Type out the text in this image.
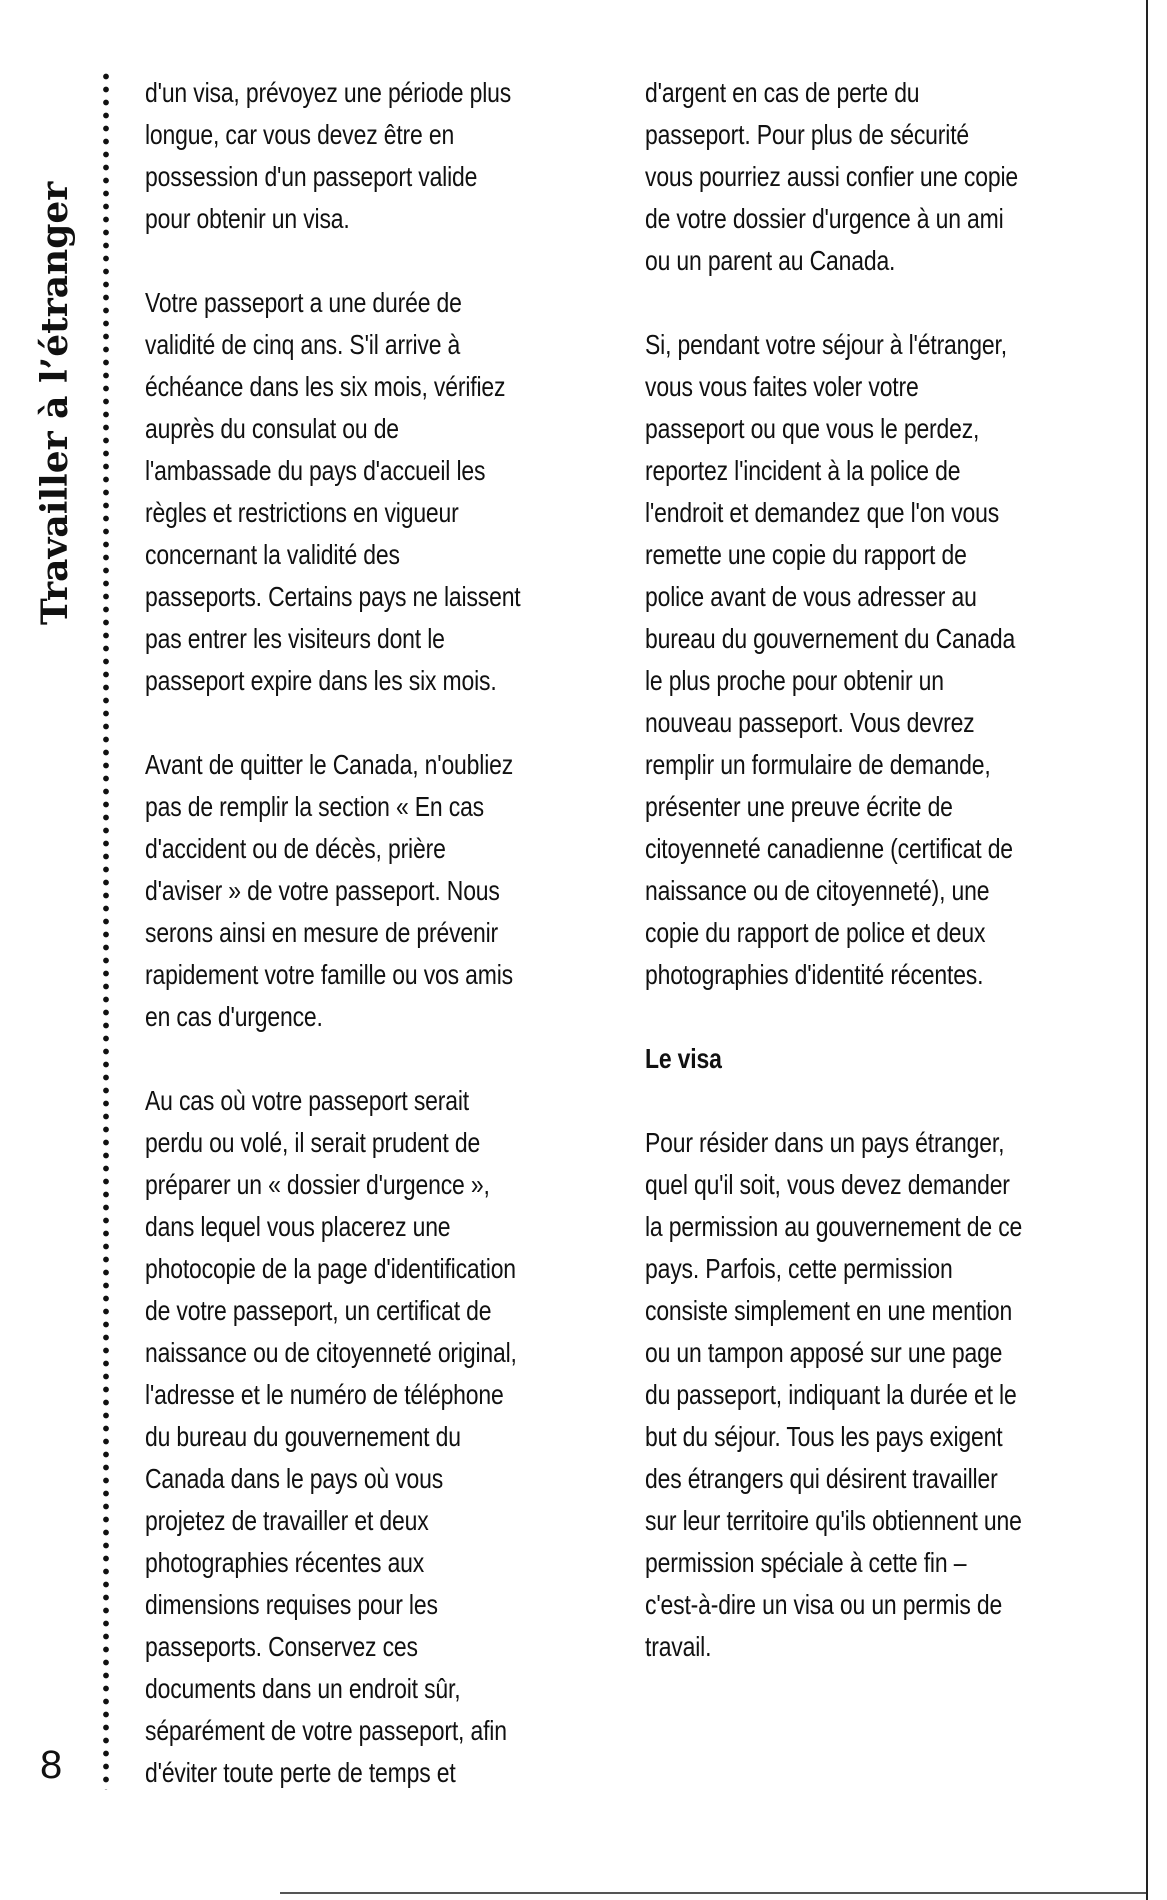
Travailler à l’étranger
8

d'un visa, prévoyez une période plus longue, car vous devez être en possession d'un passeport valide pour obtenir un visa.

Votre passeport a une durée de validité de cinq ans. S'il arrive à échéance dans les six mois, vérifiez auprès du consulat ou de l'ambassade du pays d'accueil les règles et restrictions en vigueur concernant la validité des passeports. Certains pays ne laissent pas entrer les visiteurs dont le passeport expire dans les six mois.

Avant de quitter le Canada, n'oubliez pas de remplir la section « En cas d'accident ou de décès, prière d'aviser » de votre passeport. Nous serons ainsi en mesure de prévenir rapidement votre famille ou vos amis en cas d'urgence.

Au cas où votre passeport serait perdu ou volé, il serait prudent de préparer un « dossier d'urgence », dans lequel vous placerez une photocopie de la page d'identification de votre passeport, un certificat de naissance ou de citoyenneté original, l'adresse et le numéro de téléphone du bureau du gouvernement du Canada dans le pays où vous projetez de travailler et deux photographies récentes aux dimensions requises pour les passeports. Conservez ces documents dans un endroit sûr, séparément de votre passeport, afin d'éviter toute perte de temps et

d'argent en cas de perte du passeport. Pour plus de sécurité vous pourriez aussi confier une copie de votre dossier d'urgence à un ami ou un parent au Canada.

Si, pendant votre séjour à l'étranger, vous vous faites voler votre passeport ou que vous le perdez, reportez l'incident à la police de l'endroit et demandez que l'on vous remette une copie du rapport de police avant de vous adresser au bureau du gouvernement du Canada le plus proche pour obtenir un nouveau passeport. Vous devrez remplir un formulaire de demande, présenter une preuve écrite de citoyenneté canadienne (certificat de naissance ou de citoyenneté), une copie du rapport de police et deux photographies d'identité récentes.

Le visa

Pour résider dans un pays étranger, quel qu'il soit, vous devez demander la permission au gouvernement de ce pays. Parfois, cette permission consiste simplement en une mention ou un tampon apposé sur une page du passeport, indiquant la durée et le but du séjour. Tous les pays exigent des étrangers qui désirent travailler sur leur territoire qu'ils obtiennent une permission spéciale à cette fin – c'est-à-dire un visa ou un permis de travail.
